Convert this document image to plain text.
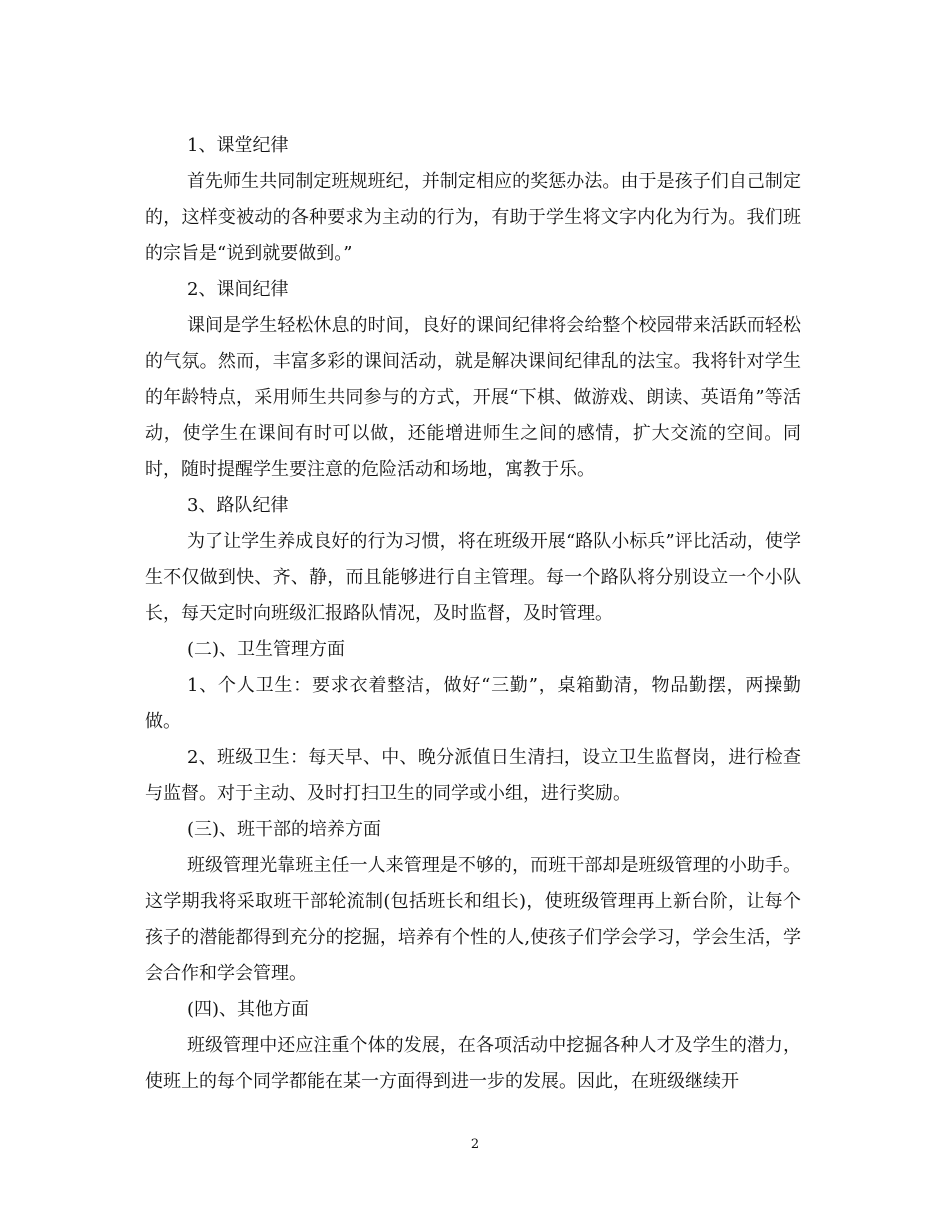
1、课堂纪律

首先师生共同制定班规班纪，并制定相应的奖惩办法。由于是孩子们自己制定的，这样变被动的各种要求为主动的行为，有助于学生将文字内化为行为。我们班的宗旨是“说到就要做到。”

2、课间纪律

课间是学生轻松休息的时间，良好的课间纪律将会给整个校园带来活跃而轻松的气氛。然而，丰富多彩的课间活动，就是解决课间纪律乱的法宝。我将针对学生的年龄特点，采用师生共同参与的方式，开展“下棋、做游戏、朗读、英语角”等活动，使学生在课间有时可以做，还能增进师生之间的感情，扩大交流的空间。同时，随时提醒学生要注意的危险活动和场地，寓教于乐。

3、路队纪律

为了让学生养成良好的行为习惯，将在班级开展“路队小标兵”评比活动，使学生不仅做到快、齐、静，而且能够进行自主管理。每一个路队将分别设立一个小队长，每天定时向班级汇报路队情况，及时监督，及时管理。

(二)、卫生管理方面

1、个人卫生：要求衣着整洁，做好“三勤”，桌箱勤清，物品勤摆，两操勤做。

2、班级卫生：每天早、中、晚分派值日生清扫，设立卫生监督岗，进行检查与监督。对于主动、及时打扫卫生的同学或小组，进行奖励。

(三)、班干部的培养方面

班级管理光靠班主任一人来管理是不够的，而班干部却是班级管理的小助手。这学期我将采取班干部轮流制(包括班长和组长)，使班级管理再上新台阶，让每个孩子的潜能都得到充分的挖掘，培养有个性的人,使孩子们学会学习，学会生活，学会合作和学会管理。

(四)、其他方面

班级管理中还应注重个体的发展，在各项活动中挖掘各种人才及学生的潜力，使班上的每个同学都能在某一方面得到进一步的发展。因此，在班级继续开

2
